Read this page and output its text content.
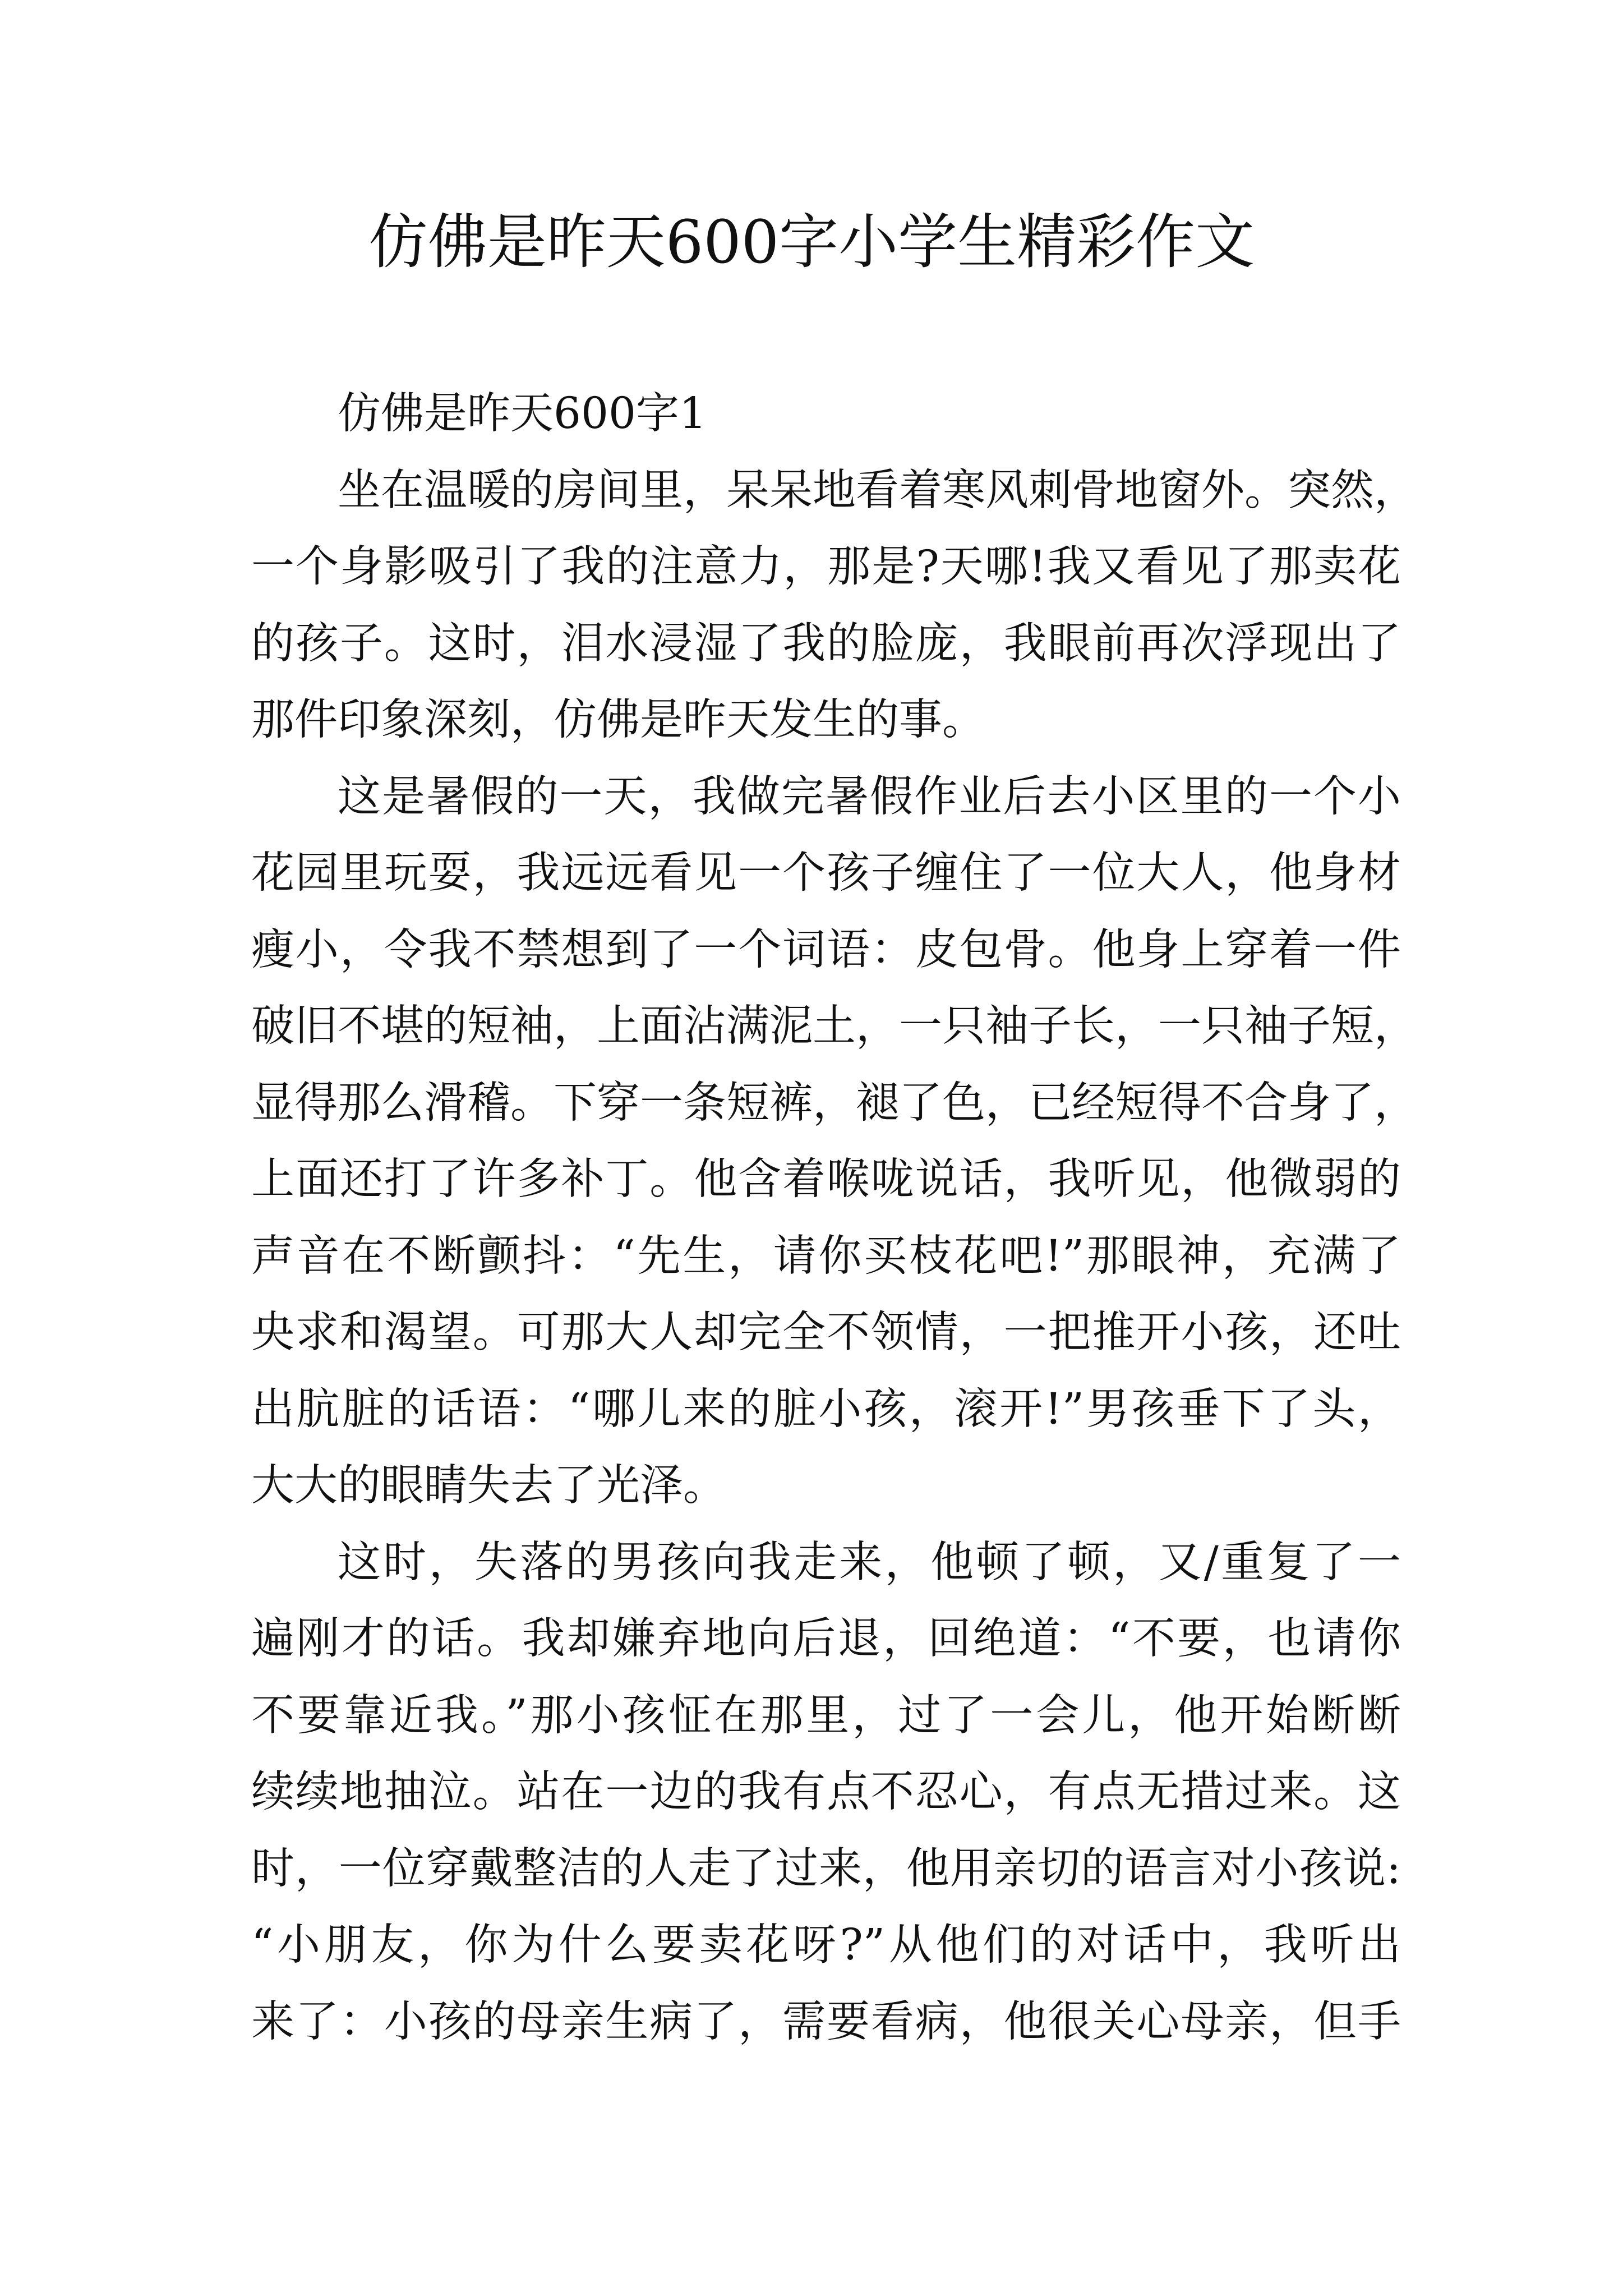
仿佛是昨天600字小学生精彩作文
仿佛是昨天600字1
坐在温暖的房间里，呆呆地看着寒风刺骨地窗外。突然，
一个身影吸引了我的注意力，那是?天哪!我又看见了那卖花
的孩子。这时，泪水浸湿了我的脸庞，我眼前再次浮现出了
那件印象深刻，仿佛是昨天发生的事。
这是暑假的一天，我做完暑假作业后去小区里的一个小
花园里玩耍，我远远看见一个孩子缠住了一位大人，他身材
瘦小，令我不禁想到了一个词语：皮包骨。他身上穿着一件
破旧不堪的短袖，上面沾满泥土，一只袖子长，一只袖子短，
显得那么滑稽。下穿一条短裤，褪了色，已经短得不合身了，
上面还打了许多补丁。他含着喉咙说话，我听见，他微弱的
声音在不断颤抖：“先生，请你买枝花吧!”那眼神，充满了
央求和渴望。可那大人却完全不领情，一把推开小孩，还吐
出肮脏的话语：“哪儿来的脏小孩，滚开!”男孩垂下了头，
大大的眼睛失去了光泽。
这时，失落的男孩向我走来，他顿了顿，又/重复了一
遍刚才的话。我却嫌弃地向后退，回绝道：“不要，也请你
不要靠近我。”那小孩怔在那里，过了一会儿，他开始断断
续续地抽泣。站在一边的我有点不忍心，有点无措过来。这
时，一位穿戴整洁的人走了过来，他用亲切的语言对小孩说:
“小朋友，你为什么要卖花呀?”从他们的对话中，我听出
来了：小孩的母亲生病了，需要看病，他很关心母亲，但手
